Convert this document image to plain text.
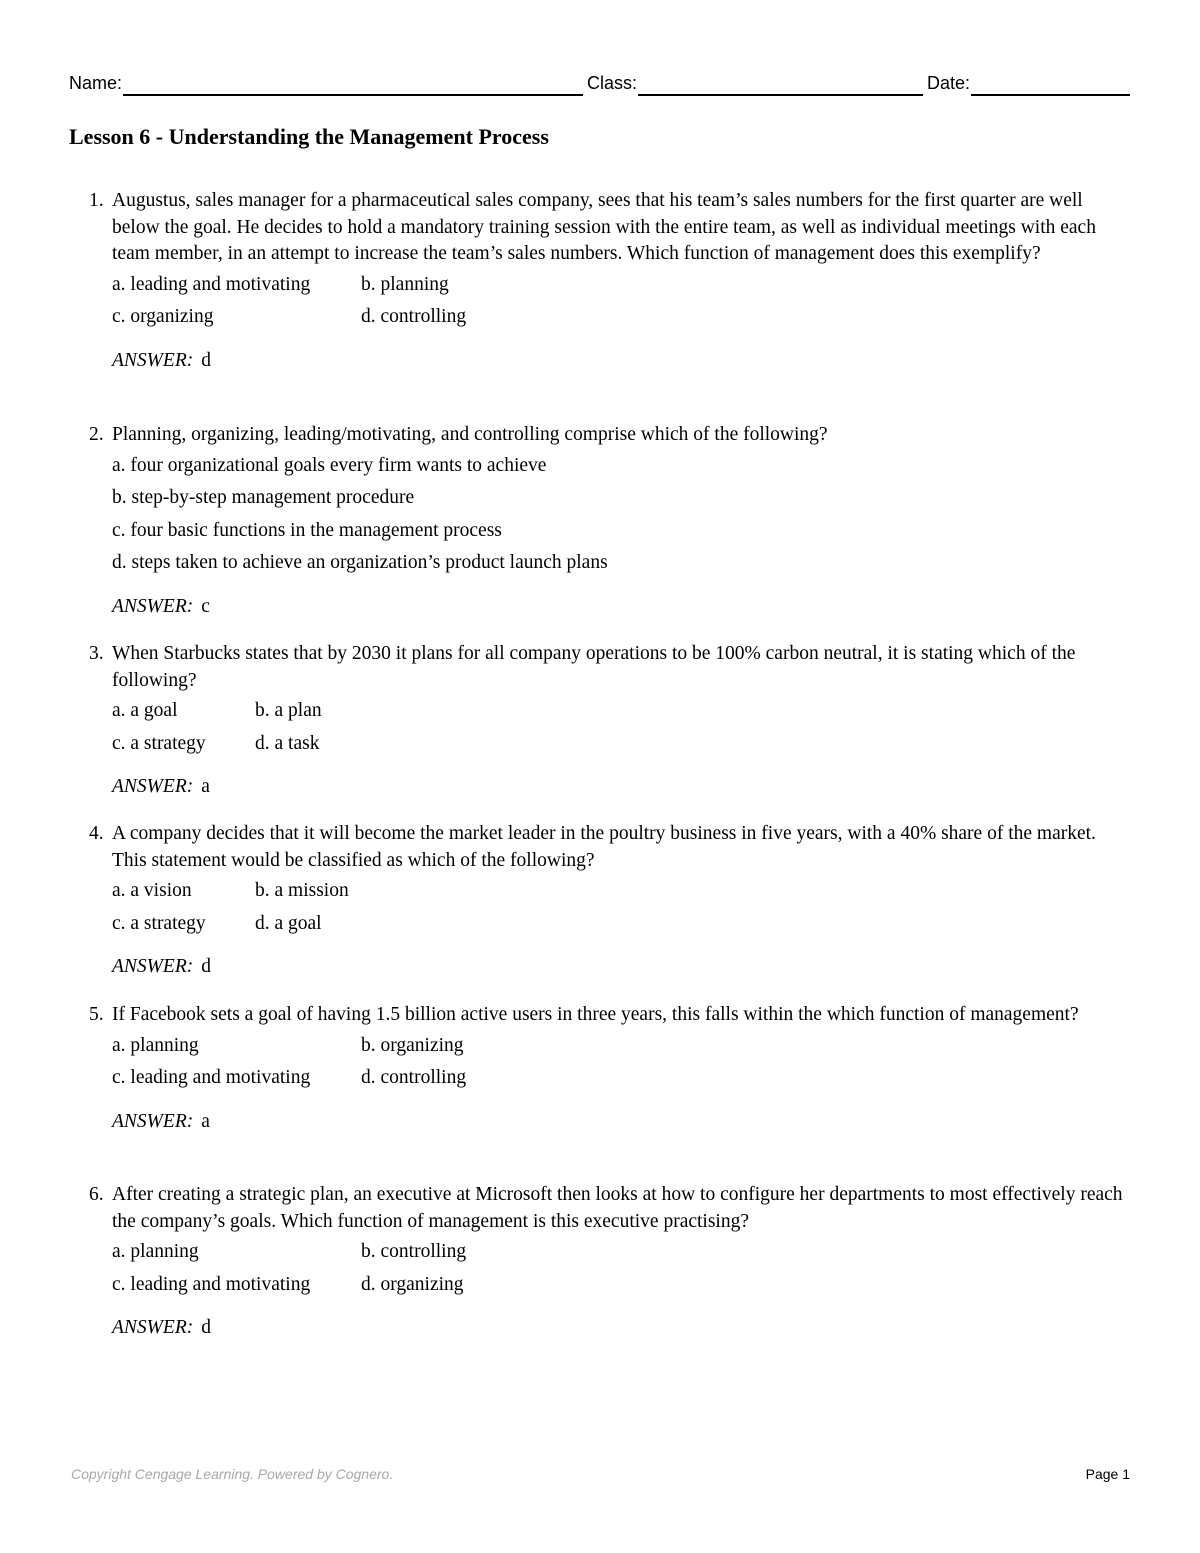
Name:	Class:	Date:
Lesson 6 - Understanding the Management Process
1. Augustus, sales manager for a pharmaceutical sales company, sees that his team’s sales numbers for the first quarter are well below the goal. He decides to hold a mandatory training session with the entire team, as well as individual meetings with each team member, in an attempt to increase the team’s sales numbers. Which function of management does this exemplify?
a. leading and motivating	b. planning
c. organizing	d. controlling
ANSWER: d
2. Planning, organizing, leading/motivating, and controlling comprise which of the following?
a. four organizational goals every firm wants to achieve
b. step-by-step management procedure
c. four basic functions in the management process
d. steps taken to achieve an organization’s product launch plans
ANSWER: c
3. When Starbucks states that by 2030 it plans for all company operations to be 100% carbon neutral, it is stating which of the following?
a. a goal	b. a plan
c. a strategy	d. a task
ANSWER: a
4. A company decides that it will become the market leader in the poultry business in five years, with a 40% share of the market. This statement would be classified as which of the following?
a. a vision	b. a mission
c. a strategy	d. a goal
ANSWER: d
5. If Facebook sets a goal of having 1.5 billion active users in three years, this falls within the which function of management?
a. planning	b. organizing
c. leading and motivating	d. controlling
ANSWER: a
6. After creating a strategic plan, an executive at Microsoft then looks at how to configure her departments to most effectively reach the company’s goals. Which function of management is this executive practising?
a. planning	b. controlling
c. leading and motivating	d. organizing
ANSWER: d
Copyright Cengage Learning. Powered by Cognero.	Page 1
